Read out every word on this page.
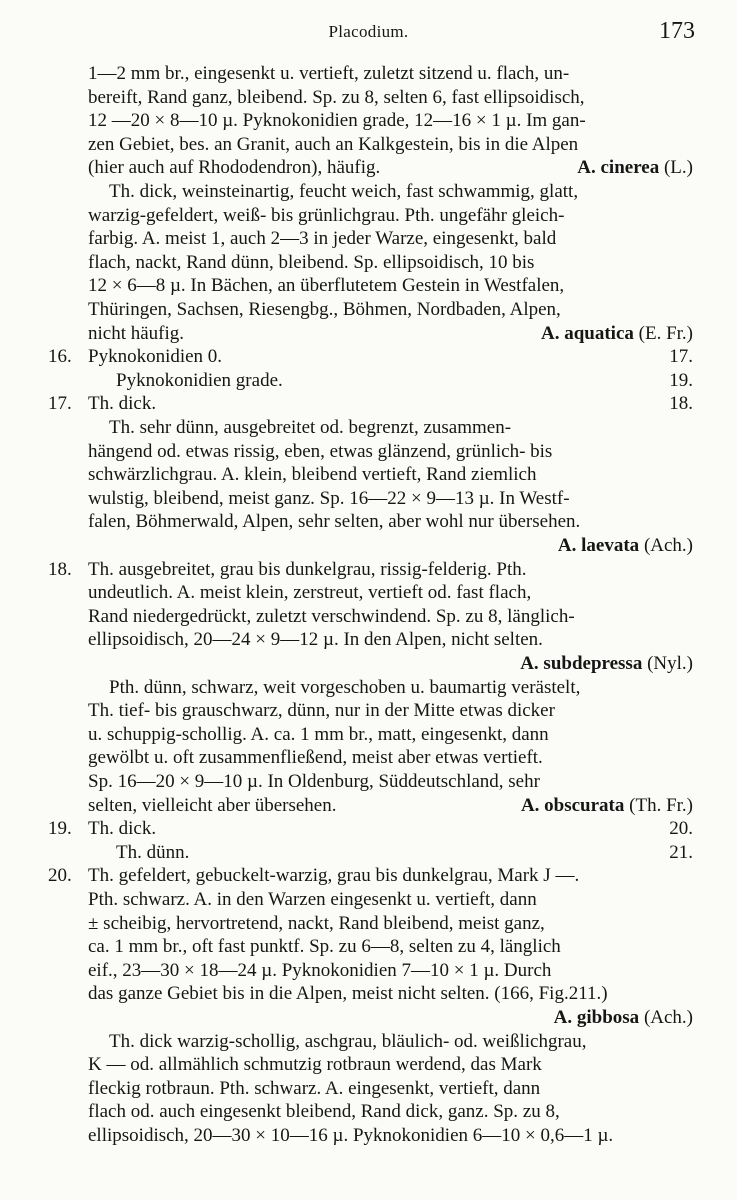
Placodium.	173
1—2 mm br., eingesenkt u. vertieft, zuletzt sitzend u. flach, un-
bereift, Rand ganz, bleibend. Sp. zu 8, selten 6, fast ellipsoidisch,
12 —20 × 8—10 µ. Pyknokonidien grade, 12—16 × 1 µ. Im gan-
zen Gebiet, bes. an Granit, auch an Kalkgestein, bis in die Alpen
(hier auch auf Rhododendron), häufig.	A. cinerea (L.)
Th. dick, weinsteinartig, feucht weich, fast schwammig, glatt,
warzig-gefeldert, weiß- bis grünlichgrau. Pth. ungefähr gleich-
farbig. A. meist 1, auch 2—3 in jeder Warze, eingesenkt, bald
flach, nackt, Rand dünn, bleibend. Sp. ellipsoidisch, 10 bis
12 × 6—8 µ. In Bächen, an überflutetem Gestein in Westfalen,
Thüringen, Sachsen, Riesengbg., Böhmen, Nordbaden, Alpen,
nicht häufig.	A. aquatica (E. Fr.)
16. Pyknokonidien 0.	17.
Pyknokonidien grade.	19.
17. Th. dick.	18.
Th. sehr dünn, ausgebreitet od. begrenzt, zusammen-
hängend od. etwas rissig, eben, etwas glänzend, grünlich- bis
schwärzlichgrau. A. klein, bleibend vertieft, Rand ziemlich
wulstig, bleibend, meist ganz. Sp. 16—22 × 9—13 µ. In Westf-
falen, Böhmerwald, Alpen, sehr selten, aber wohl nur übersehen.
A. laevata (Ach.)
18. Th. ausgebreitet, grau bis dunkelgrau, rissig-felderig. Pth.
undeutlich. A. meist klein, zerstreut, vertieft od. fast flach,
Rand niedergedrückt, zuletzt verschwindend. Sp. zu 8, länglich-
ellipsoidisch, 20—24 × 9—12 µ. In den Alpen, nicht selten.
A. subdepressa (Nyl.)
Pth. dünn, schwarz, weit vorgeschoben u. baumartig verästelt,
Th. tief- bis grauschwarz, dünn, nur in der Mitte etwas dicker
u. schuppig-schollig. A. ca. 1 mm br., matt, eingesenkt, dann
gewölbt u. oft zusammenfließend, meist aber etwas vertieft.
Sp. 16—20 × 9—10 µ. In Oldenburg, Süddeutschland, sehr
selten, vielleicht aber übersehen.	A. obscurata (Th. Fr.)
19. Th. dick.	20.
Th. dünn.	21.
20. Th. gefeldert, gebuckelt-warzig, grau bis dunkelgrau, Mark J —.
Pth. schwarz. A. in den Warzen eingesenkt u. vertieft, dann
± scheibig, hervortretend, nackt, Rand bleibend, meist ganz,
ca. 1 mm br., oft fast punktf. Sp. zu 6—8, selten zu 4, länglich
eif., 23—30 × 18—24 µ. Pyknokonidien 7—10 × 1 µ. Durch
das ganze Gebiet bis in die Alpen, meist nicht selten. (166, Fig.211.)
A. gibbosa (Ach.)
Th. dick warzig-schollig, aschgrau, bläulich- od. weißlichgrau,
K — od. allmählich schmutzig rotbraun werdend, das Mark
fleckig rotbraun. Pth. schwarz. A. eingesenkt, vertieft, dann
flach od. auch eingesenkt bleibend, Rand dick, ganz. Sp. zu 8,
ellipsoidisch, 20—30 × 10—16 µ. Pyknokonidien 6—10 × 0,6—1 µ.
